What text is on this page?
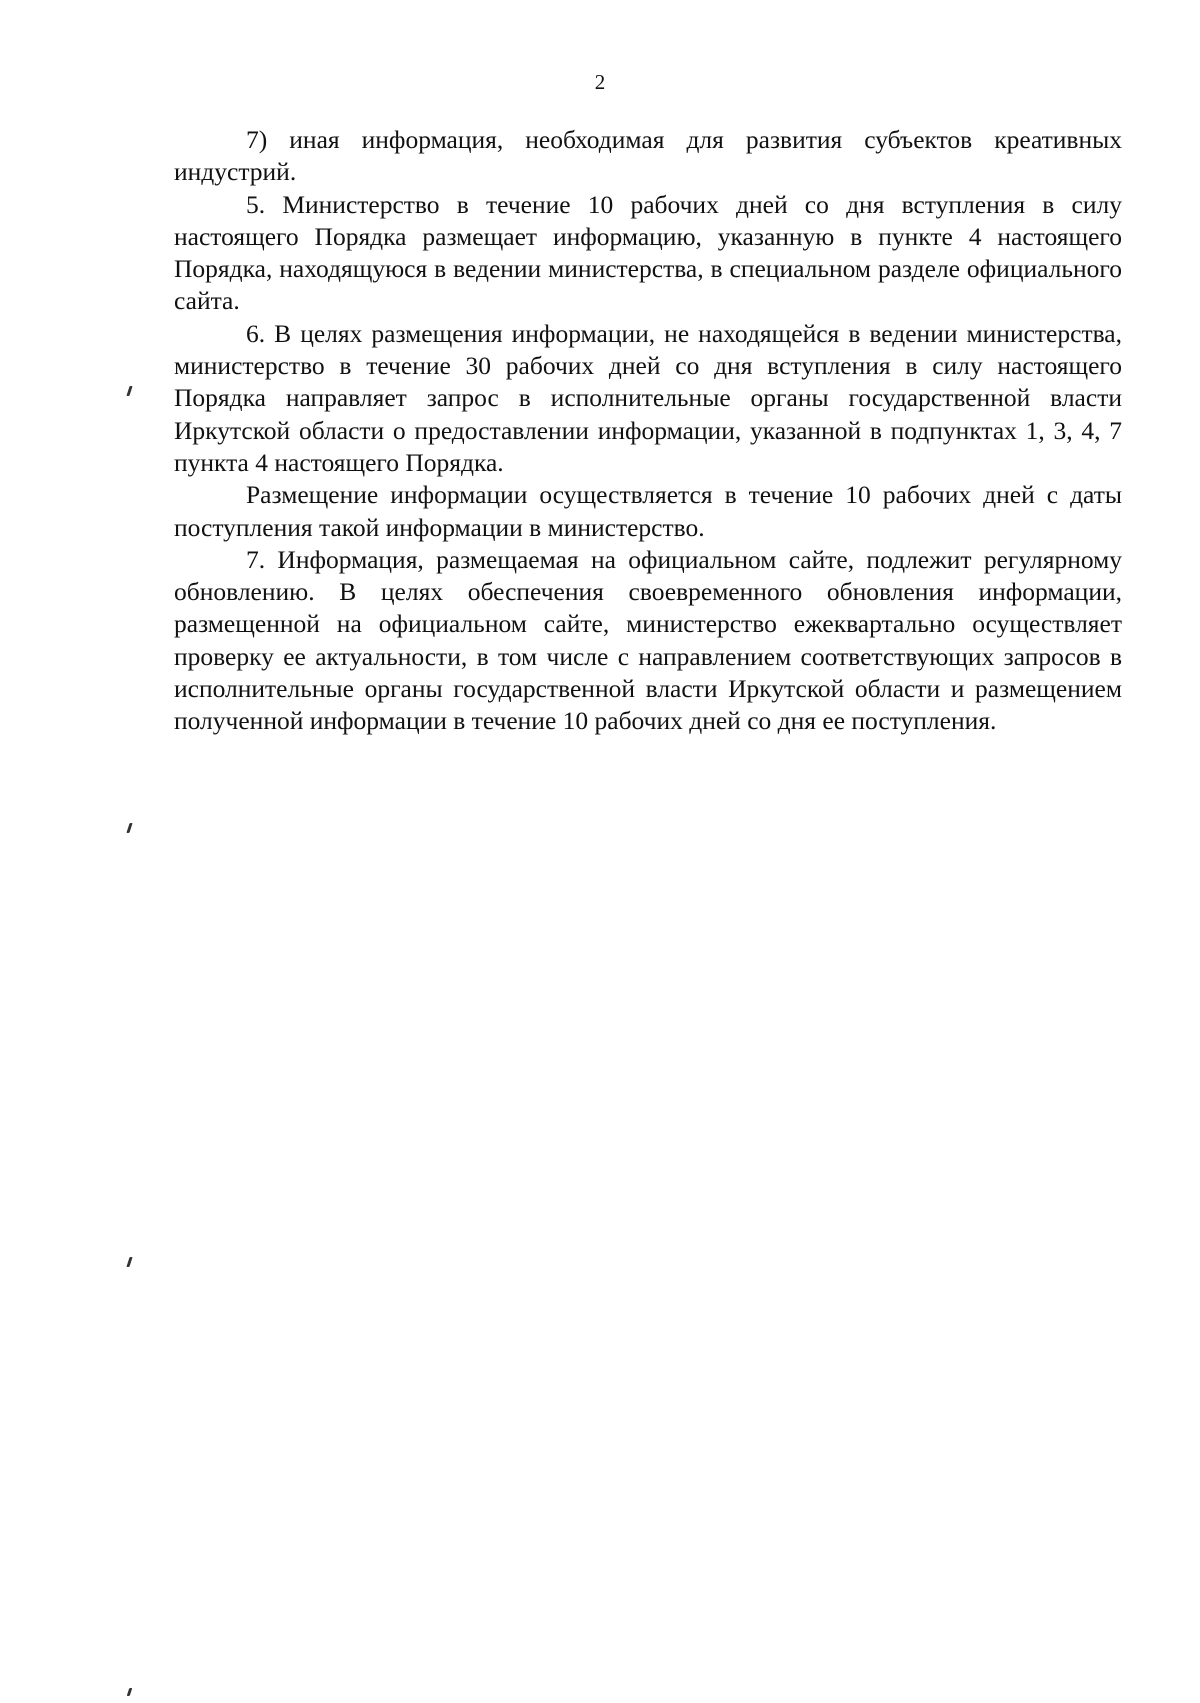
2

7) иная информация, необходимая для развития субъектов креативных индустрий.

5. Министерство в течение 10 рабочих дней со дня вступления в силу настоящего Порядка размещает информацию, указанную в пункте 4 настоящего Порядка, находящуюся в ведении министерства, в специальном разделе официального сайта.

6. В целях размещения информации, не находящейся в ведении министерства, министерство в течение 30 рабочих дней со дня вступления в силу настоящего Порядка направляет запрос в исполнительные органы государственной власти Иркутской области о предоставлении информации, указанной в подпунктах 1, 3, 4, 7 пункта 4 настоящего Порядка.

Размещение информации осуществляется в течение 10 рабочих дней с даты поступления такой информации в министерство.

7. Информация, размещаемая на официальном сайте, подлежит регулярному обновлению. В целях обеспечения своевременного обновления информации, размещенной на официальном сайте, министерство ежеквартально осуществляет проверку ее актуальности, в том числе с направлением соответствующих запросов в исполнительные органы государственной власти Иркутской области и размещением полученной информации в течение 10 рабочих дней со дня ее поступления.
